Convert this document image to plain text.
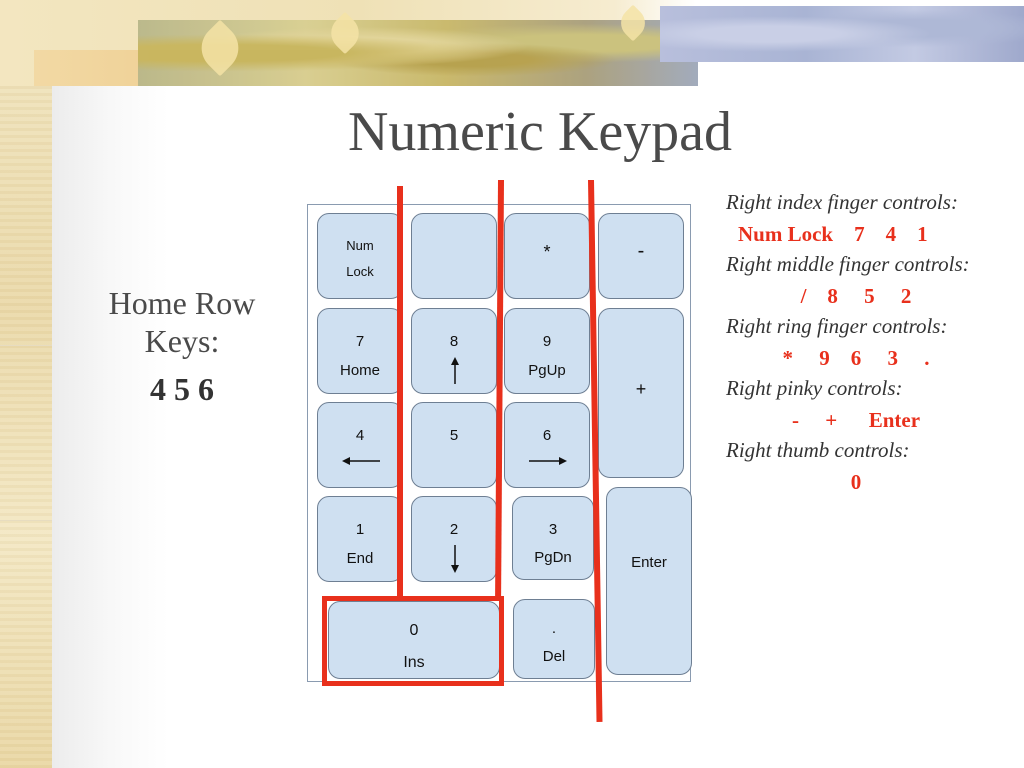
Numeric Keypad
Home Row
Keys:
4 5 6
Num
Lock
*	-
7
Home
8	9
PgUp
+
4	5	6
1
End
2	3
PgDn	Enter
0
Ins
.
Del
Right index finger controls:
Num Lock    7    4    1
Right middle finger controls:
/    8     5     2
Right ring finger controls:
*     9    6     3     .
Right pinky controls:
-     +      Enter
Right thumb controls:
0
